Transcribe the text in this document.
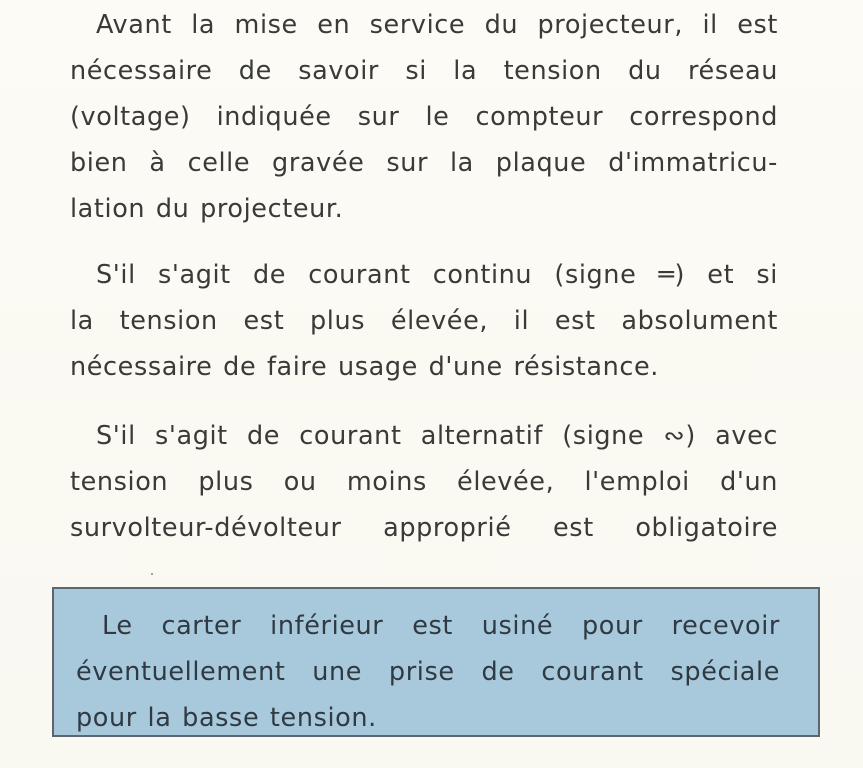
Avant la mise en service du projecteur, il est
nécessaire de savoir si la tension du réseau
(voltage) indiquée sur le compteur correspond
bien à celle gravée sur la plaque d'immatricu-
lation du projecteur.

S'il s'agit de courant continu (signe ═) et si
la tension est plus élevée, il est absolument
nécessaire de faire usage d'une résistance.

S'il s'agit de courant alternatif (signe ∾) avec
tension plus ou moins élevée, l'emploi d'un
survolteur-dévolteur approprié est obligatoire

Le carter inférieur est usiné pour recevoir
éventuellement une prise de courant spéciale
pour la basse tension.
